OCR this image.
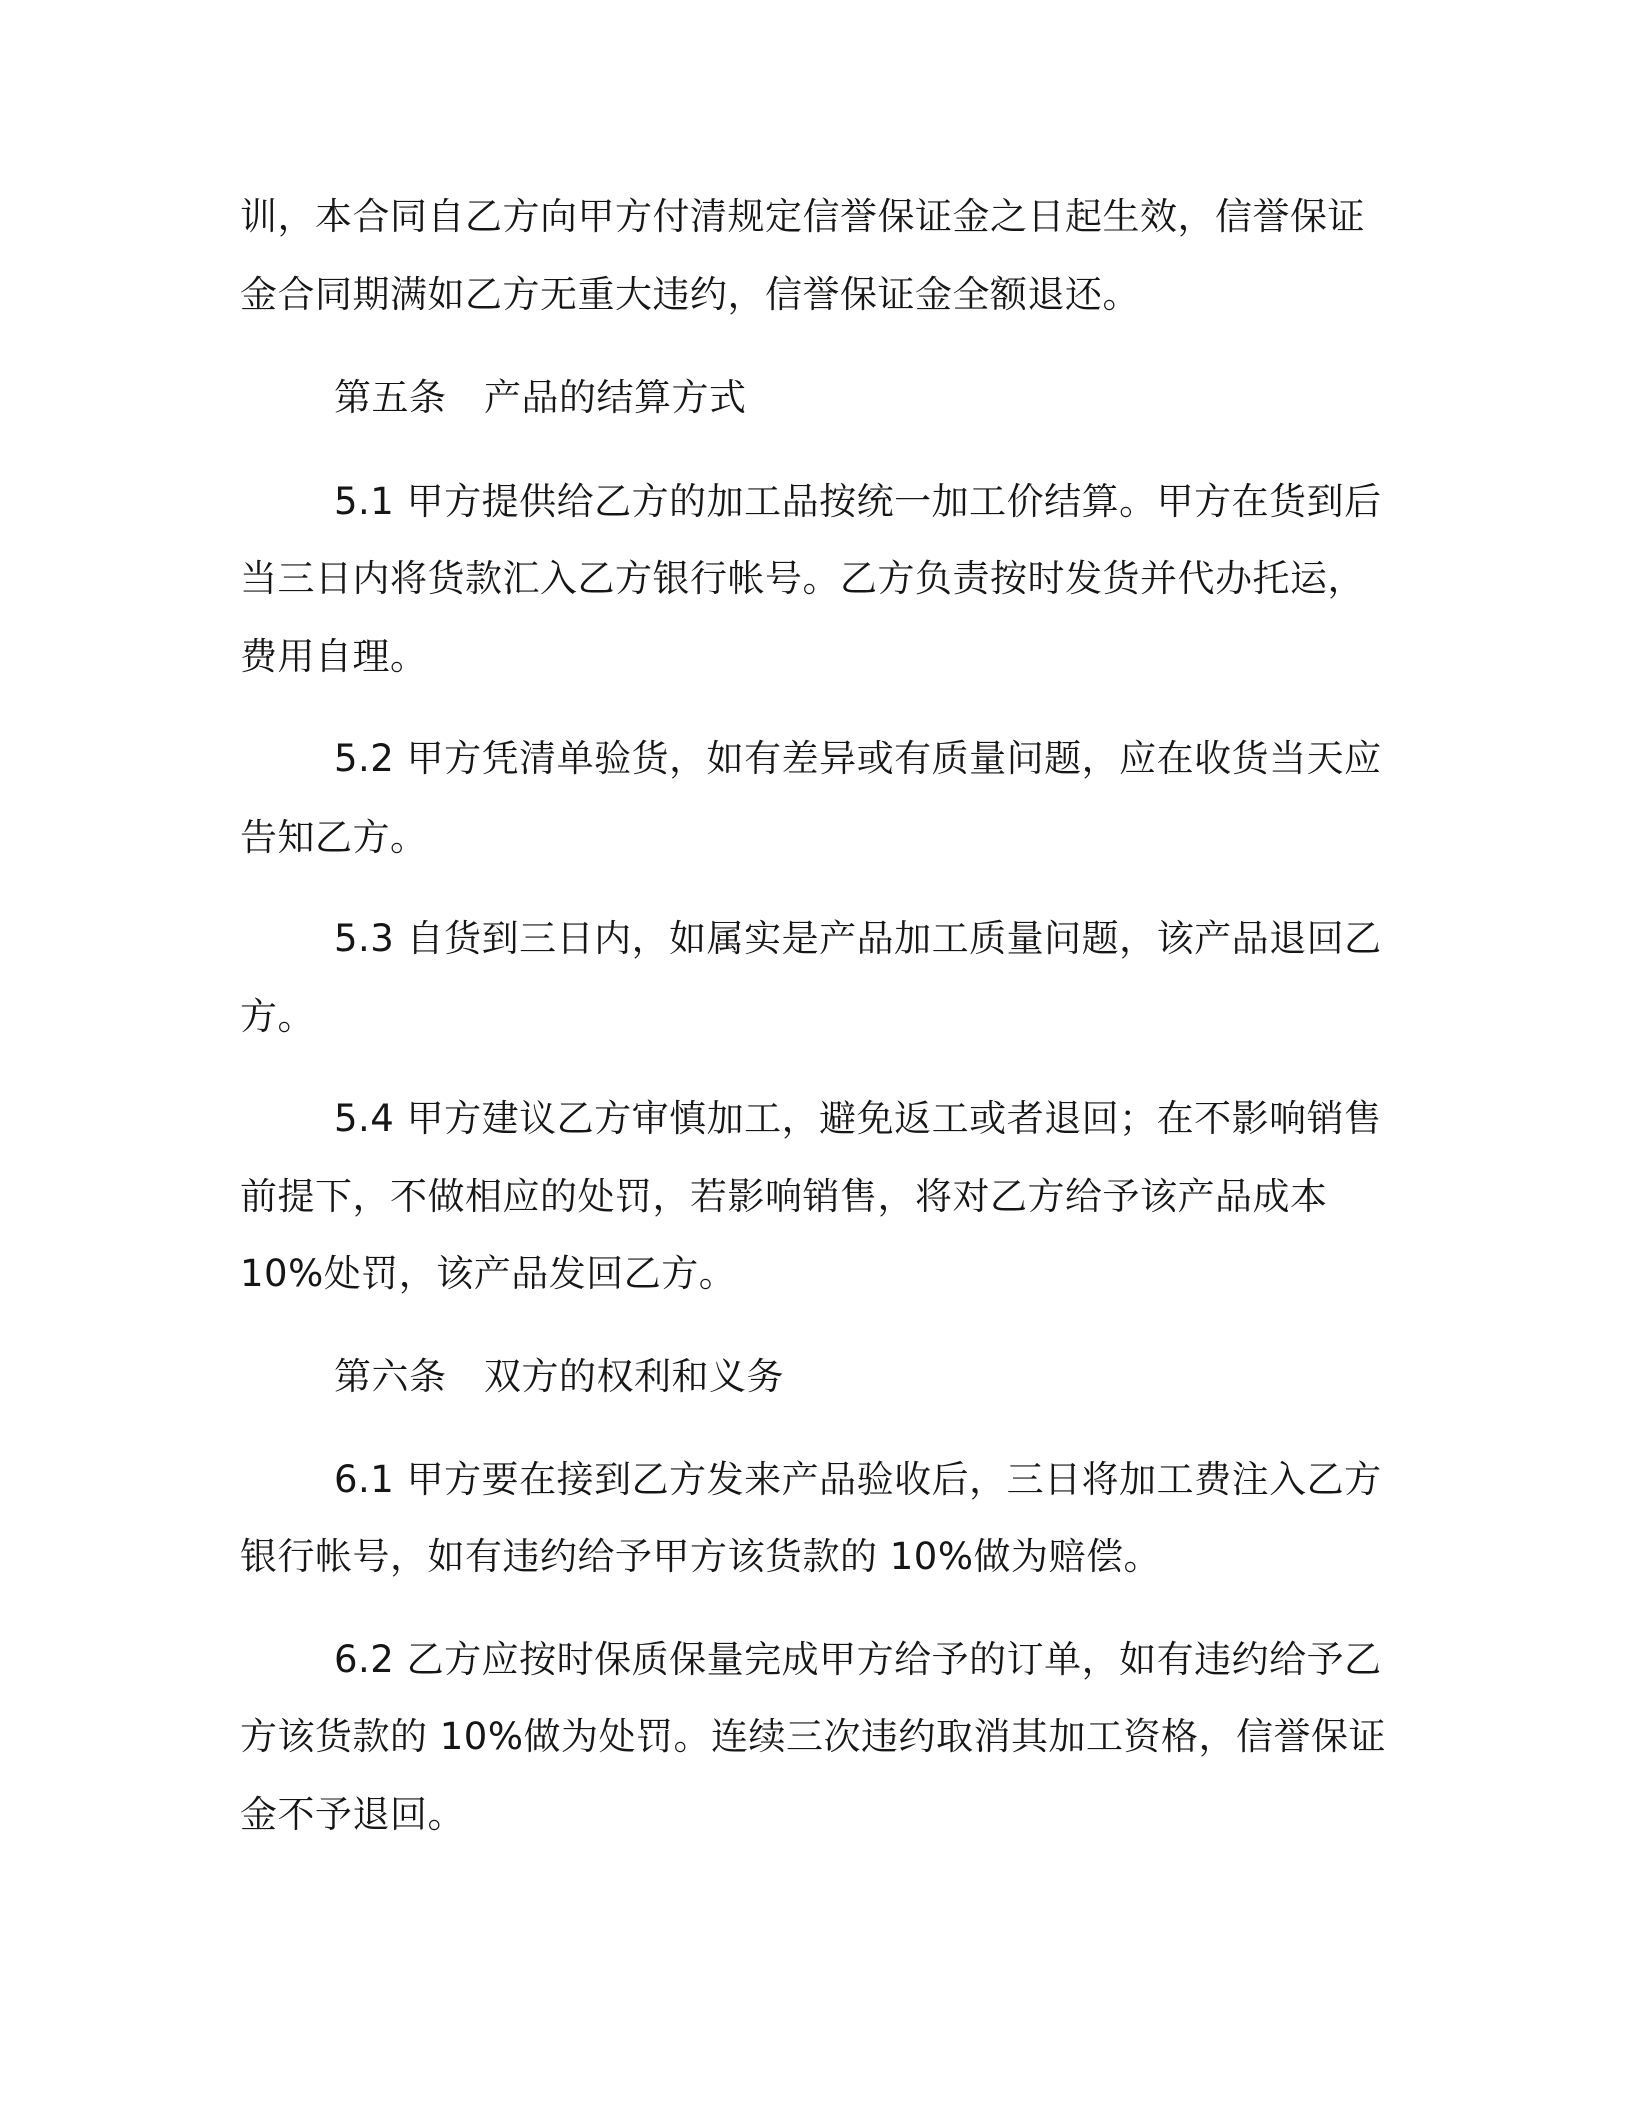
训，本合同自乙方向甲方付清规定信誉保证金之日起生效，信誉保证
金合同期满如乙方无重大违约，信誉保证金全额退还。
第五条　产品的结算方式
5.1 甲方提供给乙方的加工品按统一加工价结算。甲方在货到后
当三日内将货款汇入乙方银行帐号。乙方负责按时发货并代办托运，
费用自理。
5.2 甲方凭清单验货，如有差异或有质量问题，应在收货当天应
告知乙方。
5.3 自货到三日内，如属实是产品加工质量问题，该产品退回乙
方。
5.4 甲方建议乙方审慎加工，避免返工或者退回；在不影响销售
前提下，不做相应的处罚，若影响销售，将对乙方给予该产品成本
10%处罚，该产品发回乙方。
第六条　双方的权利和义务
6.1 甲方要在接到乙方发来产品验收后，三日将加工费注入乙方
银行帐号，如有违约给予甲方该货款的 10%做为赔偿。
6.2 乙方应按时保质保量完成甲方给予的订单，如有违约给予乙
方该货款的 10%做为处罚。连续三次违约取消其加工资格，信誉保证
金不予退回。
